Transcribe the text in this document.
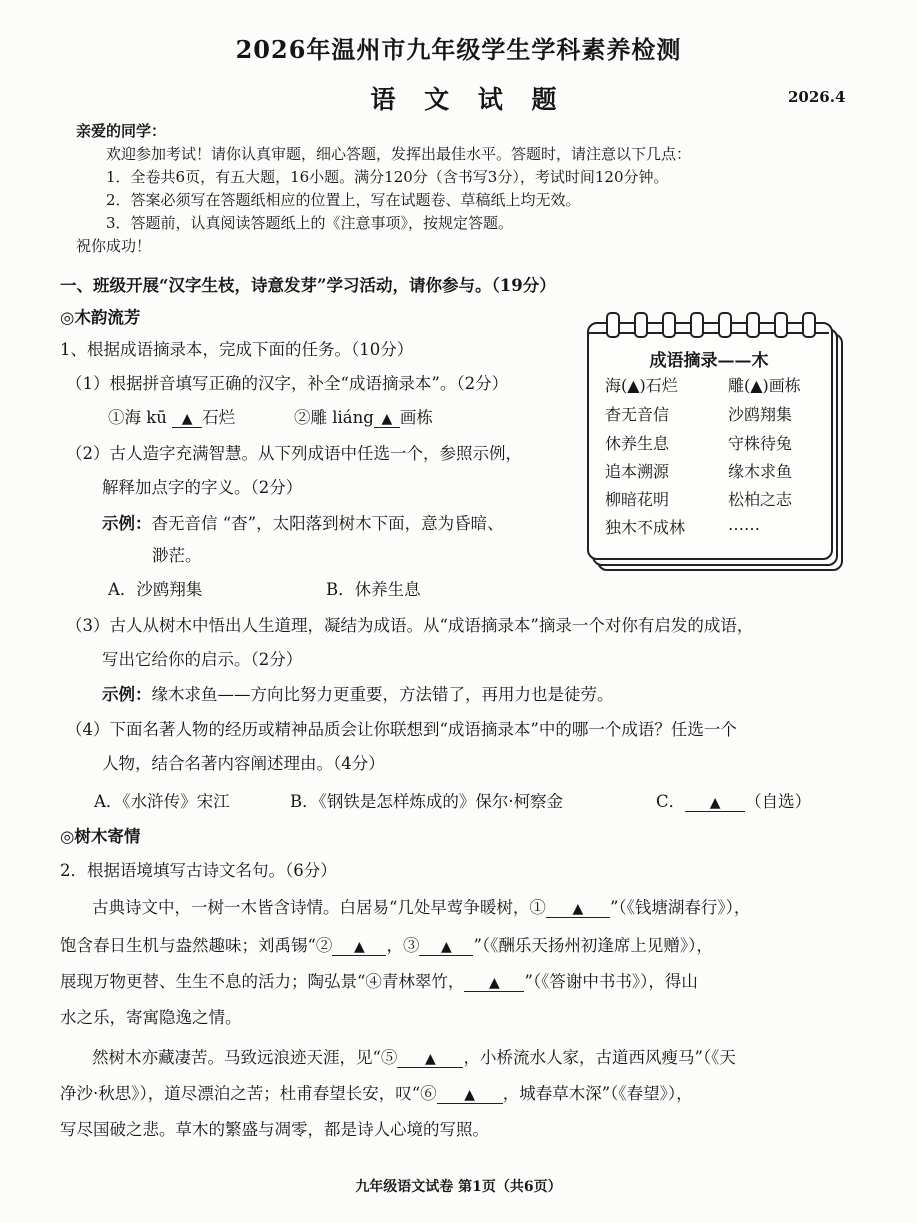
2026年温州市九年级学生学科素养检测
语 文 试 题	2026.4
亲爱的同学：
欢迎参加考试！请你认真审题，细心答题，发挥出最佳水平。答题时，请注意以下几点：
1．全卷共6页，有五大题，16小题。满分120分（含书写3分），考试时间120分钟。
2．答案必须写在答题纸相应的位置上，写在试题卷、草稿纸上均无效。
3．答题前，认真阅读答题纸上的《注意事项》，按规定答题。
祝你成功！
一、班级开展“汉字生枝，诗意发芽”学习活动，请你参与。（19分）
◎木韵流芳
1、根据成语摘录本，完成下面的任务。（10分）
（1）根据拼音填写正确的汉字，补全“成语摘录本”。（2分）
①海 kū ▲ 石烂	②雕 liáng ▲ 画栋
（2）古人造字充满智慧。从下列成语中任选一个，参照示例，
解释加点字的字义。（2分）
示例：杳无音信 “杳”，太阳落到树木下面，意为昏暗、
渺茫。
A．沙鸥翔集	B．休养生息
（3）古人从树木中悟出人生道理，凝结为成语。从“成语摘录本”摘录一个对你有启发的成语，
写出它给你的启示。（2分）
示例：缘木求鱼——方向比努力更重要，方法错了，再用力也是徒劳。
（4）下面名著人物的经历或精神品质会让你联想到“成语摘录本”中的哪一个成语？任选一个
人物，结合名著内容阐述理由。（4分）
A．《水浒传》宋江	B．《钢铁是怎样炼成的》保尔·柯察金	C． ▲ （自选）
◎树木寄情
2．根据语境填写古诗文名句。（6分）
古典诗文中，一树一木皆含诗情。白居易“几处早莺争暖树，① ▲ ”（《钱塘湖春行》），
饱含春日生机与盎然趣味；刘禹锡“② ▲ ，③ ▲ ”（《酬乐天扬州初逢席上见赠》），
展现万物更替、生生不息的活力；陶弘景“④青林翠竹， ▲ ”（《答谢中书书》），得山
水之乐，寄寓隐逸之情。
然树木亦藏凄苦。马致远浪迹天涯，见“⑤ ▲ ，小桥流水人家，古道西风瘦马”（《天
净沙·秋思》），道尽漂泊之苦；杜甫春望长安，叹“⑥ ▲ ，城春草木深”（《春望》），
写尽国破之悲。草木的繁盛与凋零，都是诗人心境的写照。
成语摘录——木
海(▲)石烂	雕(▲)画栋
杳无音信	沙鸥翔集
休养生息	守株待兔
追本溯源	缘木求鱼
柳暗花明	松柏之志
独木不成林	……
九年级语文试卷 第1页（共6页）
